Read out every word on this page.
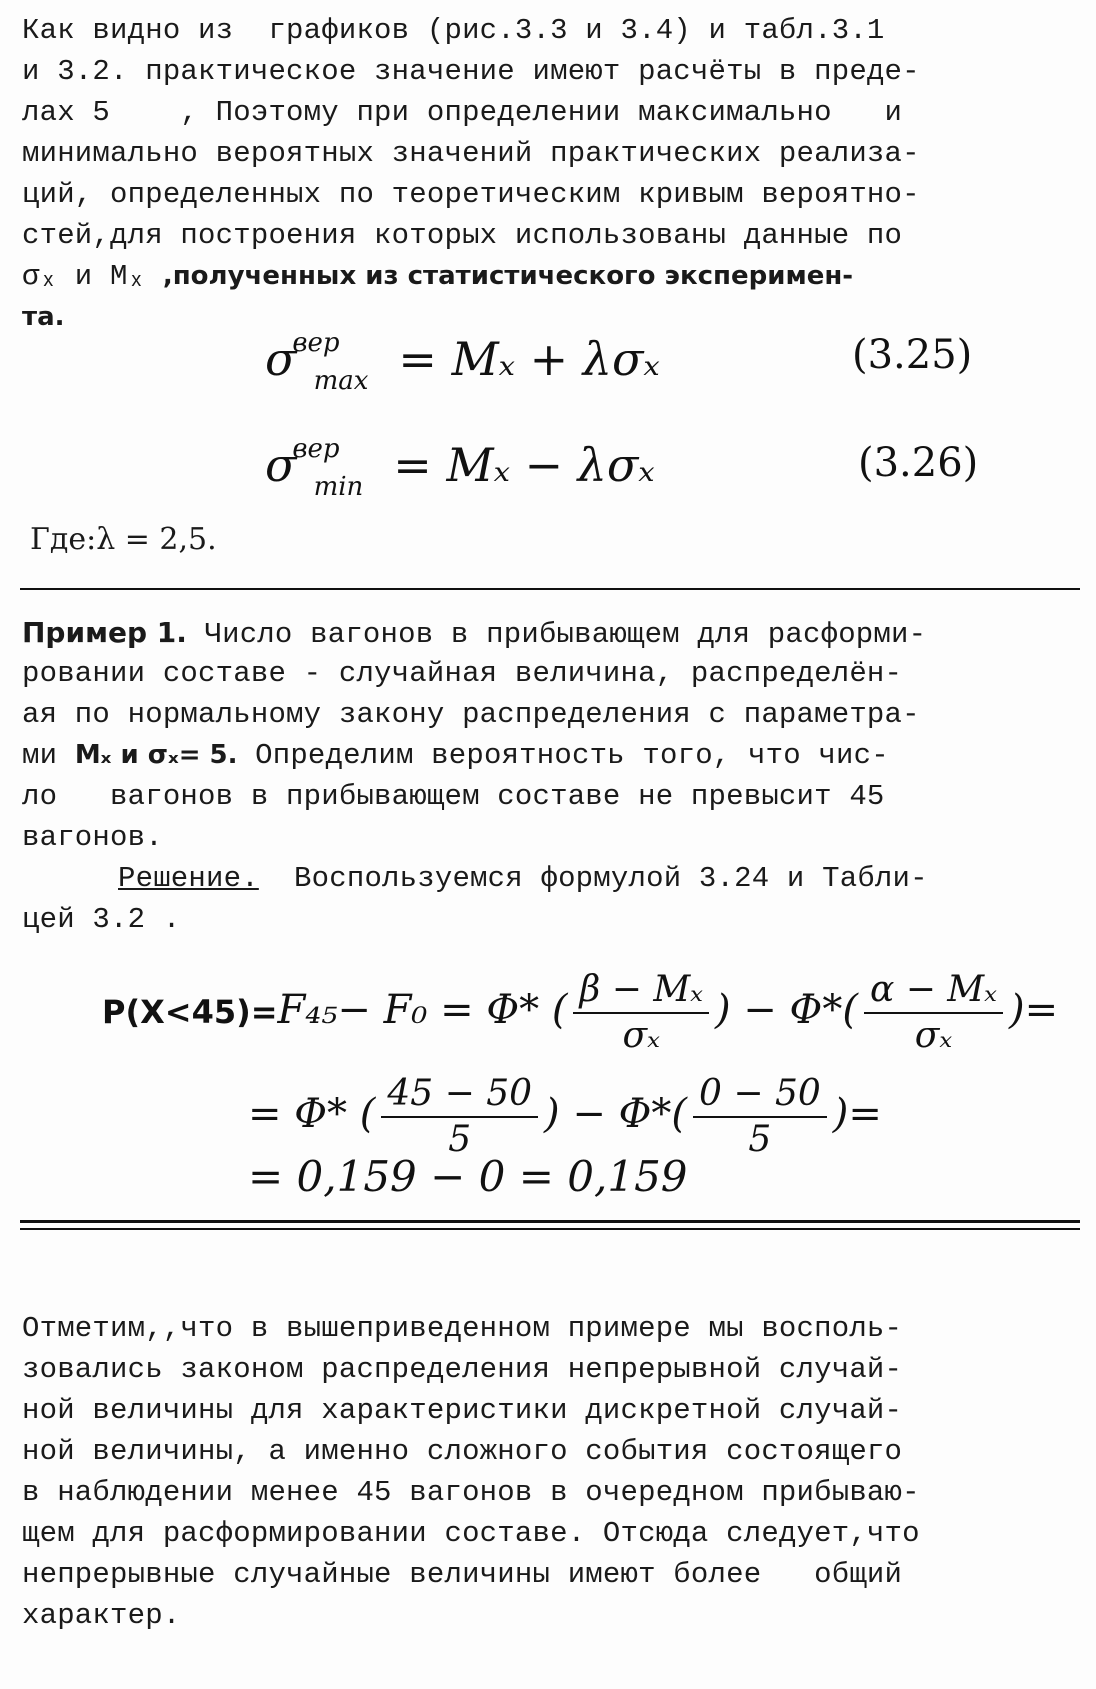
Как видно из  графиков (рис.3.3 и 3.4) и табл.3.1

и 3.2. практическое значение имеют расчёты в преде-

лах 5    , Поэтому при определении максимально   и

минимально вероятных значений практических реализа-

ций, определенных по теоретическим кривым вероятно-

стей,для построения которых использованы данные по

σₓ и Mₓ ,полученных из статистического эксперимен-

та.

$\sigma^{вер}_{max} = M_x + \lambda\sigma_x$	(3.25)
$\sigma^{вер}_{min} = M_x - \lambda\sigma_x$	(3.26)
Где:λ = 2,5.

Пример 1. Число вагонов в прибывающем для расформи-

ровании составе - случайная величина, распределён-

ая по нормальному закону распределения с параметра-

ми Mₓ и σₓ= 5. Определим вероятность того, что чис-

ло   вагонов в прибывающем составе не превысит 45

вагонов.

Решение.  Воспользуемся формулой 3.24 и Табли-

цей 3.2 .

P(X<45)=F₄₅− F₀ = Φ* ( $\frac{\text{β − Mₓ}}{\text{σₓ}}$ ) − $\Phi*( \frac{\text{α − Mₓ}}{\text{σₓ}}$ )=
= Φ* ( $\frac{45 - 50}{5}$ ) − $\Phi*( \frac{0 - 50}{5}$ )=
= 0,159 − 0 = 0,159

Отметим,,что в вышеприведенном примере мы восполь-

зовались законом распределения непрерывной случай-

ной величины для характеристики дискретной случай-

ной величины, а именно сложного события состоящего

в наблюдении менее 45 вагонов в очередном прибываю-

щем для расформировании составе. Отсюда следует,что

непрерывные случайные величины имеют более   общий

характер.
